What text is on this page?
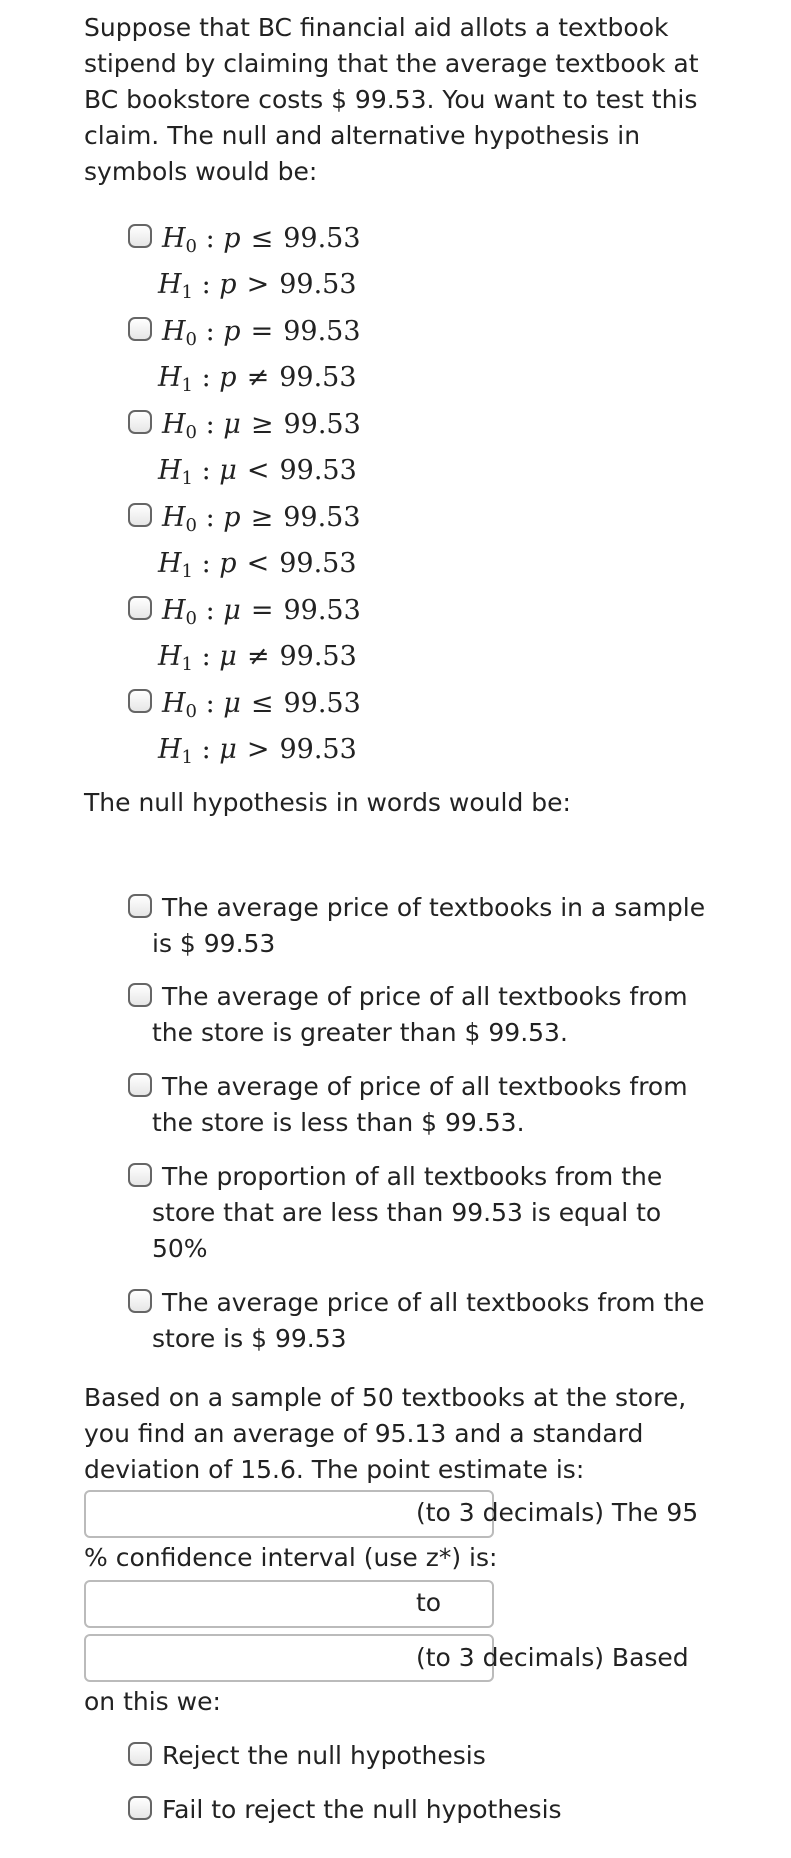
Suppose that BC financial aid allots a textbook
stipend by claiming that the average textbook at
BC bookstore costs $ 99.53. You want to test this
claim. The null and alternative hypothesis in
symbols would be:

$H_0$ : p ≤ 99.53
$H_1$ : p > 99.53
$H_0$ : p = 99.53
$H_1$ : p ≠ 99.53
$H_0$ : μ ≥ 99.53
$H_1$ : μ < 99.53
$H_0$ : p ≥ 99.53
$H_1$ : p < 99.53
$H_0$ : μ = 99.53
$H_1$ : μ ≠ 99.53
$H_0$ : μ ≤ 99.53
$H_1$ : μ > 99.53

The null hypothesis in words would be:

The average price of textbooks in a sample
is $ 99.53

The average of price of all textbooks from
the store is greater than $ 99.53.

The average of price of all textbooks from
the store is less than $ 99.53.

The proportion of all textbooks from the
store that are less than 99.53 is equal to
50%

The average price of all textbooks from the
store is $ 99.53

Based on a sample of 50 textbooks at the store,
you find an average of 95.13 and a standard
deviation of 15.6. The point estimate is:

(to 3 decimals) The 95

% confidence interval (use z*) is:

to
(to 3 decimals) Based

on this we:

Reject the null hypothesis

Fail to reject the null hypothesis
